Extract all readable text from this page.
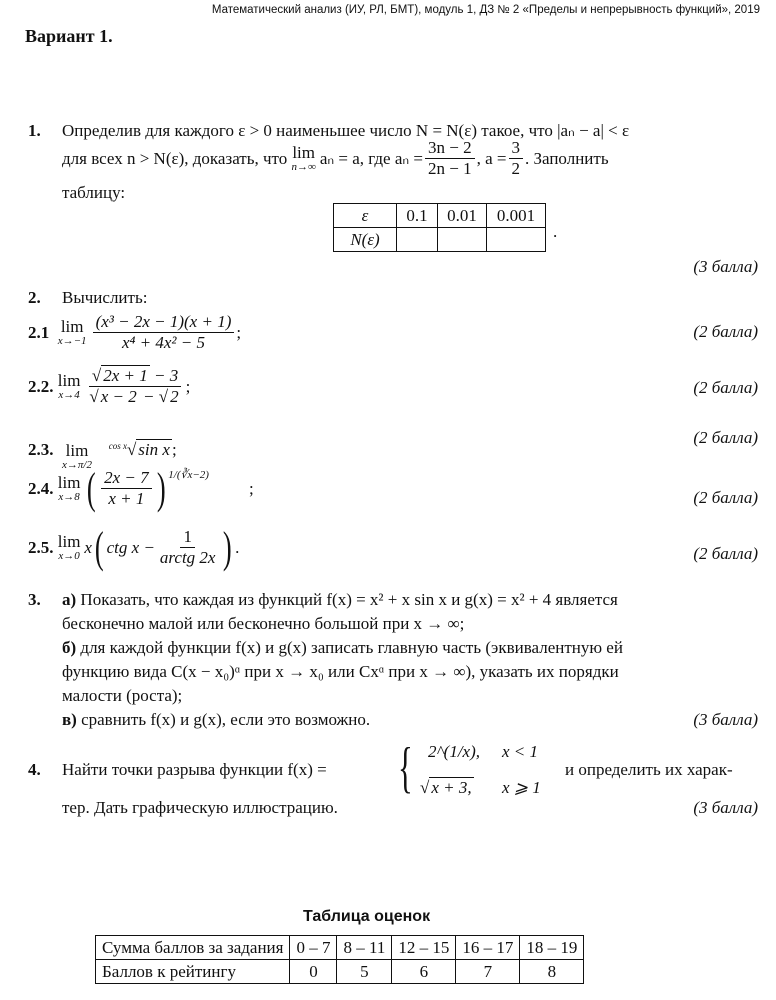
Математический анализ (ИУ, РЛ, БМТ), модуль 1, ДЗ № 2 «Пределы и непрерывность функций», 2019
Вариант 1.
1. Определив для каждого ε > 0 наименьшее число N = N(ε) такое, что |aₙ − a| < ε
для всех n > N(ε), доказать, что
lim
n→∞ aₙ = a, где $a_n = \frac{3n - 2}{2n - 1}$ , $a = \frac{3}{2}$ . Заполнить
таблицу:
ε	0.1	0.01	0.001
N(ε)				.
(3 балла)
2. Вычислить:
2.1
lim
$x\to-1 \frac{\text{(x³ − 2x − 1)(x + 1)}}{\text{x⁴ + 4x² − 5}}$ ;	(2 балла)
2.2.
lim
$x\to 4 \frac{√ 2x + 1 - 3}{√ x - 2 - √ 2}$ ;	(2 балла)
2.3.
lim
x→π/2

cos x √ sin x ;
(2 балла)
2.4.
lim
x→8 ( $\frac{2x - 7}{x + 1}$ ) 1/(∛x−2)
;	(2 балла)
2.5.
lim
x→0 x ( ctg $x - \frac{1}{\text{arctg 2x}}$ ) .	(2 балла)
3. а) Показать, что каждая из функций f(x) = x² + x sin x и g(x) = x² + 4 является
бесконечно малой или бесконечно большой при x → ∞;
б) для каждой функции f(x) и g(x) записать главную часть (эквивалентную ей
функцию вида C(x − x₀)ᵅ при x → x₀ или Cxᵅ при x → ∞), указать их порядки
малости (роста);
в) сравнить f(x) и g(x), если это возможно.	(3 балла)
4. Найти точки разрыва функции f(x) = { 2^(1/x), x < 1
√ x + 3, x ⩾ 1
и определить их харак-
тер. Дать графическую иллюстрацию.	(3 балла)
Таблица оценок
Сумма баллов за задания	0 – 7	8 – 11	12 – 15	16 – 17	18 – 19
Баллов к рейтингу	0	5	6	7	8
